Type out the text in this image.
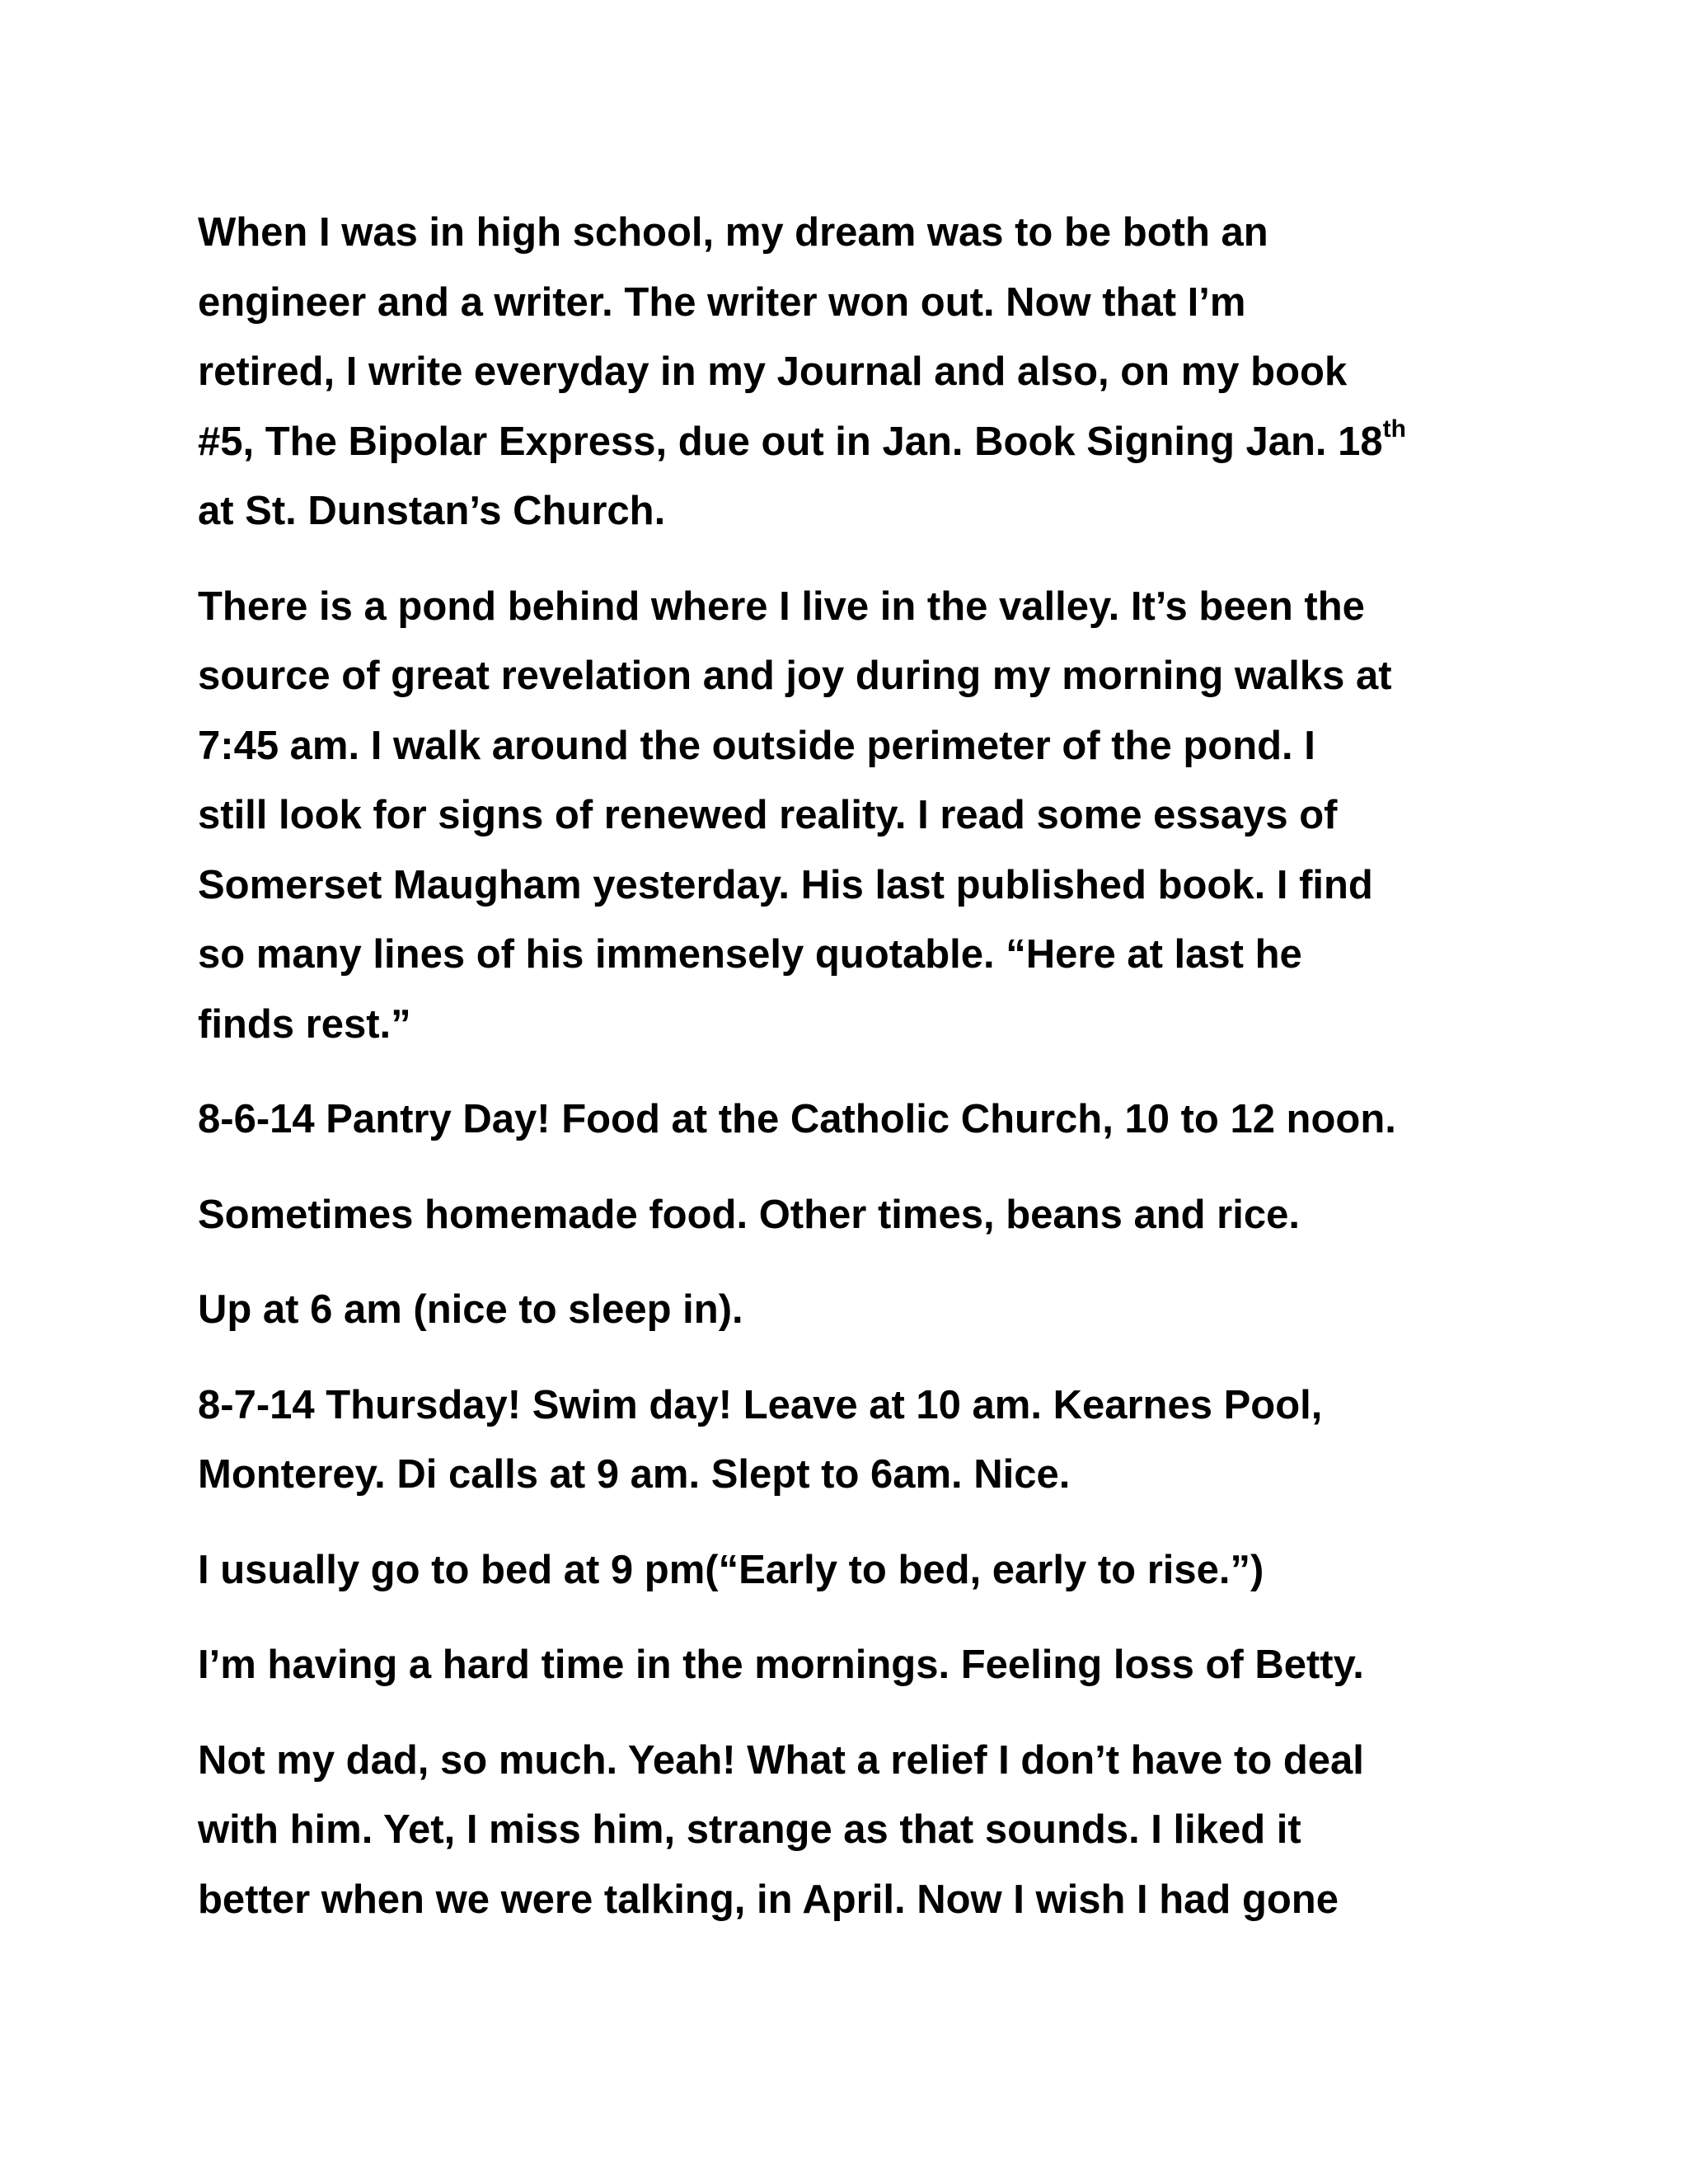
When I was in high school, my dream was to be both an

engineer and a writer. The writer won out. Now that I’m

retired, I write everyday in my Journal and also, on my book

#5, The Bipolar Express, due out in Jan. Book Signing Jan. 18th

at St. Dunstan’s Church.

There is a pond behind where I live in the valley. It’s been the

source of great revelation and joy during my morning walks at

7:45 am. I walk around the outside perimeter of the pond. I

still look for signs of renewed reality. I read some essays of

Somerset Maugham yesterday. His last published book. I find

so many lines of his immensely quotable. “Here at last he

finds rest.”

8-6-14 Pantry Day! Food at the Catholic Church, 10 to 12 noon.

Sometimes homemade food. Other times, beans and rice.

Up at 6 am (nice to sleep in).

8-7-14 Thursday! Swim day! Leave at 10 am. Kearnes Pool,

Monterey. Di calls at 9 am. Slept to 6am. Nice.

I usually go to bed at 9 pm(“Early to bed, early to rise.”)

I’m having a hard time in the mornings. Feeling loss of Betty.

Not my dad, so much. Yeah! What a relief I don’t have to deal

with him. Yet, I miss him, strange as that sounds. I liked it

better when we were talking, in April. Now I wish I had gone
